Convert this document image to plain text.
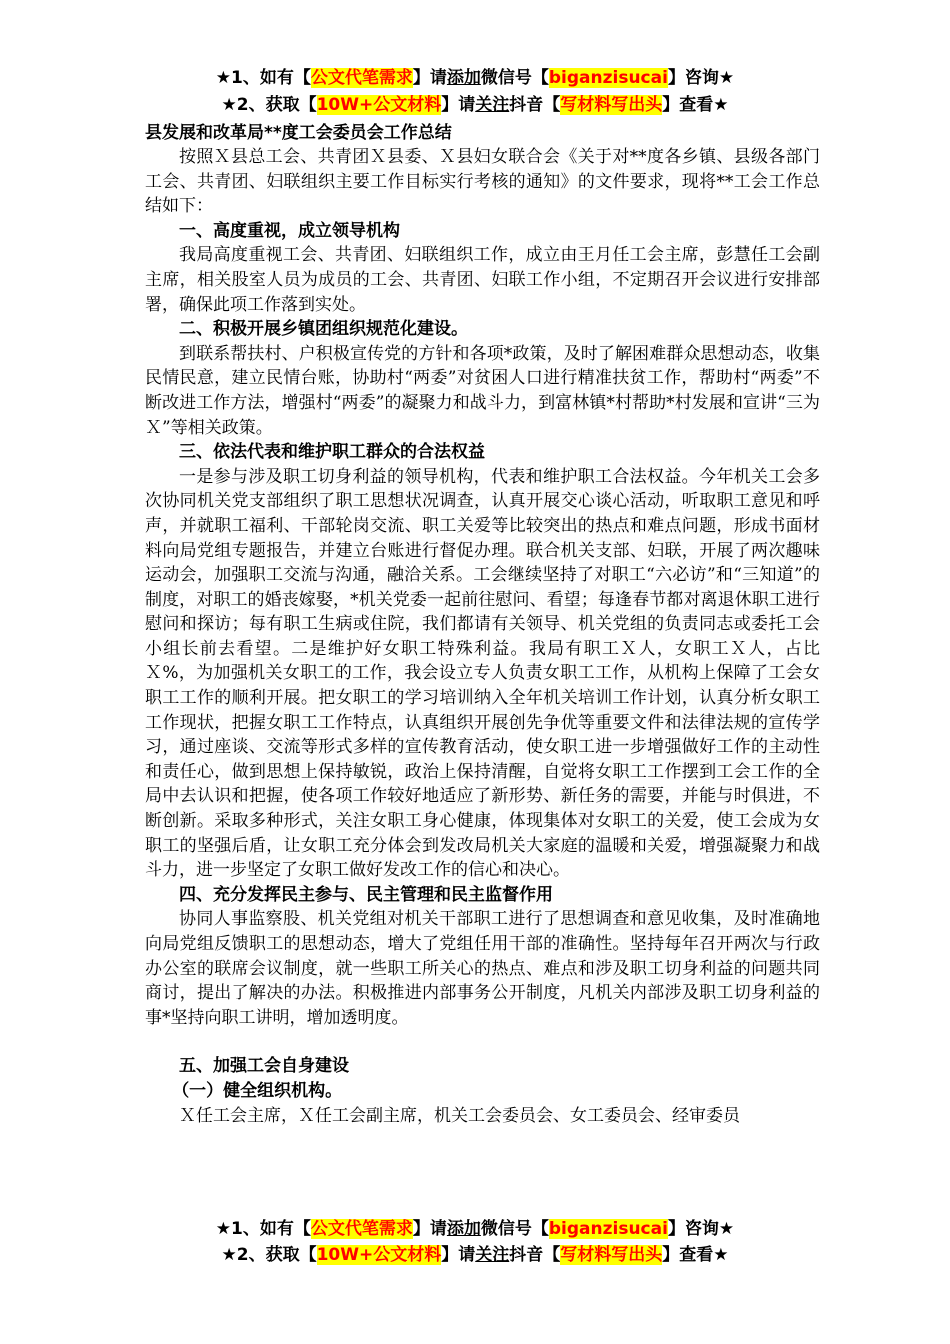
★1、如有【公文代笔需求】请添加微信号【biganzisucai】咨询★
★2、获取【10W+公文材料】请关注抖音【写材料写出头】查看★

县发展和改革局**度工会委员会工作总结

按照Ｘ县总工会、共青团Ｘ县委、Ｘ县妇女联合会《关于对**度各乡镇、县级各部门工会、共青团、妇联组织主要工作目标实行考核的通知》的文件要求，现将**工会工作总结如下：

一、高度重视，成立领导机构

我局高度重视工会、共青团、妇联组织工作，成立由王月任工会主席，彭慧任工会副主席，相关股室人员为成员的工会、共青团、妇联工作小组，不定期召开会议进行安排部署，确保此项工作落到实处。

二、积极开展乡镇团组织规范化建设。

到联系帮扶村、户积极宣传党的方针和各项*政策，及时了解困难群众思想动态，收集民情民意，建立民情台账，协助村“两委”对贫困人口进行精准扶贫工作，帮助村“两委”不断改进工作方法，增强村“两委”的凝聚力和战斗力，到富林镇*村帮助*村发展和宣讲“三为Ｘ”等相关政策。

三、依法代表和维护职工群众的合法权益

一是参与涉及职工切身利益的领导机构，代表和维护职工合法权益。今年机关工会多次协同机关党支部组织了职工思想状况调查，认真开展交心谈心活动，听取职工意见和呼声，并就职工福利、干部轮岗交流、职工关爱等比较突出的热点和难点问题，形成书面材料向局党组专题报告，并建立台账进行督促办理。联合机关支部、妇联，开展了两次趣味运动会，加强职工交流与沟通，融洽关系。工会继续坚持了对职工“六必访”和“三知道”的制度，对职工的婚丧嫁娶，*机关党委一起前往慰问、看望；每逢春节都对离退休职工进行慰问和探访；每有职工生病或住院，我们都请有关领导、机关党组的负责同志或委托工会小组长前去看望。二是维护好女职工特殊利益。我局有职工Ｘ人，女职工Ｘ人，占比Ｘ%，为加强机关女职工的工作，我会设立专人负责女职工工作，从机构上保障了工会女职工工作的顺利开展。把女职工的学习培训纳入全年机关培训工作计划，认真分析女职工工作现状，把握女职工工作特点，认真组织开展创先争优等重要文件和法律法规的宣传学习，通过座谈、交流等形式多样的宣传教育活动，使女职工进一步增强做好工作的主动性和责任心，做到思想上保持敏锐，政治上保持清醒，自觉将女职工工作摆到工会工作的全局中去认识和把握，使各项工作较好地适应了新形势、新任务的需要，并能与时俱进，不断创新。采取多种形式，关注女职工身心健康，体现集体对女职工的关爱，使工会成为女职工的坚强后盾，让女职工充分体会到发改局机关大家庭的温暖和关爱，增强凝聚力和战斗力，进一步坚定了女职工做好发改工作的信心和决心。

四、充分发挥民主参与、民主管理和民主监督作用

协同人事监察股、机关党组对机关干部职工进行了思想调查和意见收集，及时准确地向局党组反馈职工的思想动态，增大了党组任用干部的准确性。坚持每年召开两次与行政办公室的联席会议制度，就一些职工所关心的热点、难点和涉及职工切身利益的问题共同商讨，提出了解决的办法。积极推进内部事务公开制度，凡机关内部涉及职工切身利益的事*坚持向职工讲明，增加透明度。

五、加强工会自身建设

（一）健全组织机构。

Ｘ任工会主席，Ｘ任工会副主席，机关工会委员会、女工委员会、经审委员

★1、如有【公文代笔需求】请添加微信号【biganzisucai】咨询★
★2、获取【10W+公文材料】请关注抖音【写材料写出头】查看★
